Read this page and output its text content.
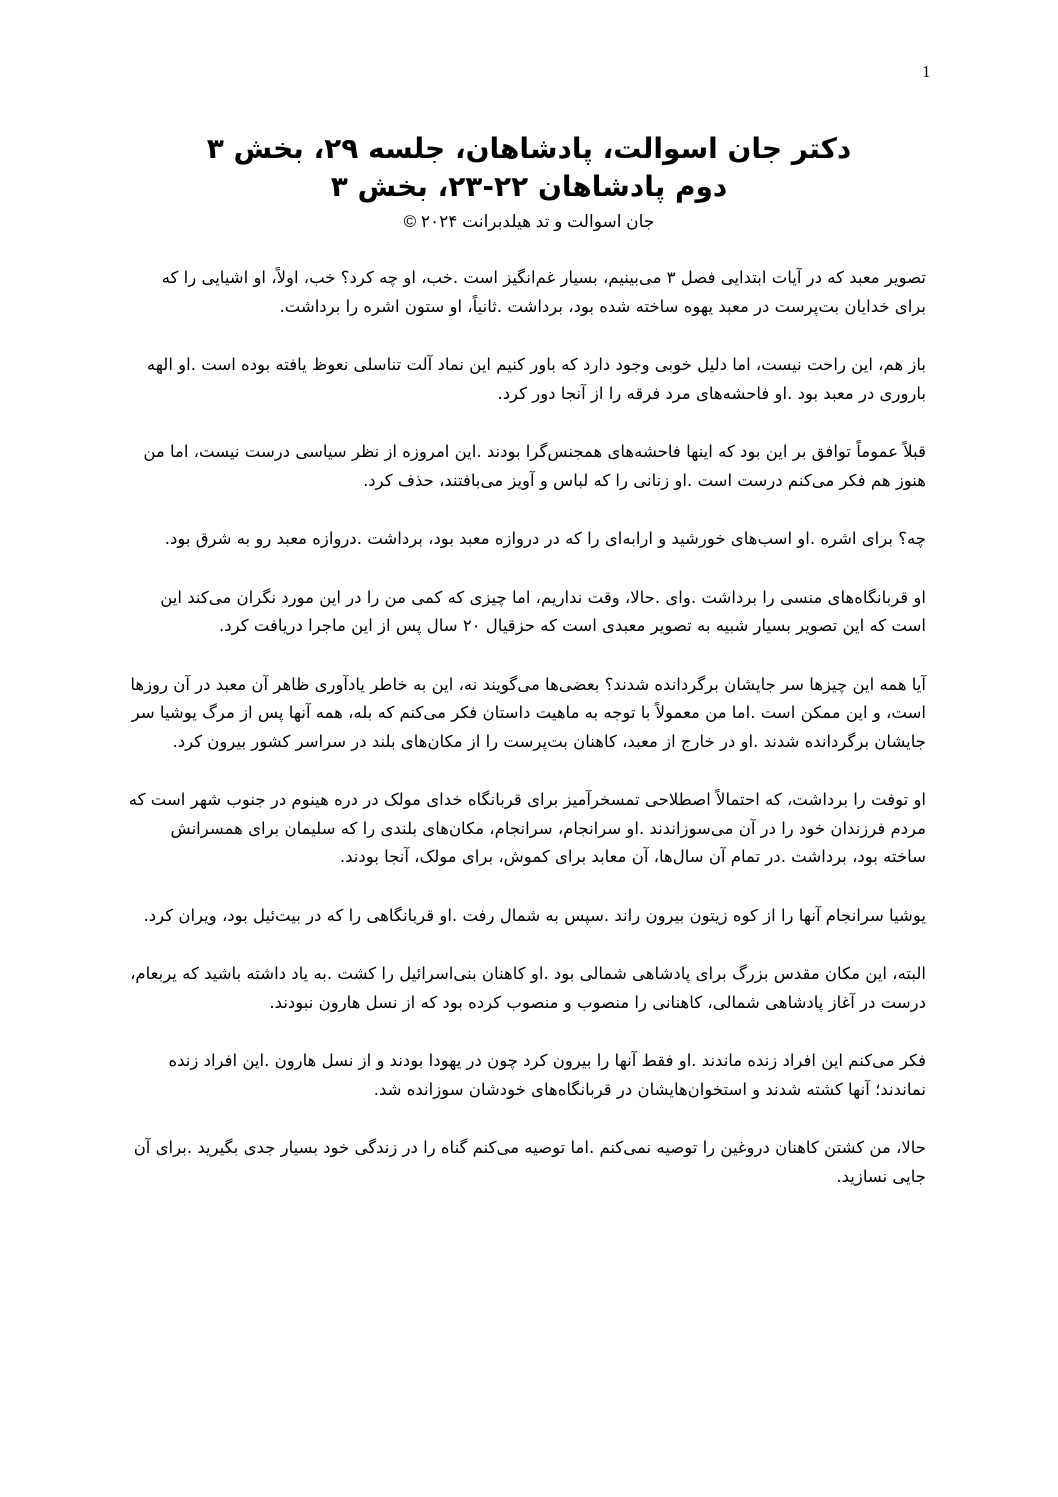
1
دکتر جان اسوالت، پادشاهان، جلسه ۲۹، بخش ۳
دوم پادشاهان ۲۲-۲۳، بخش ۳
جان اسوالت و تد هیلدبرانت ۲۰۲۴ ©

تصویر معبد که در آیات ابتدایی فصل ۳ می‌بینیم، بسیار غم‌انگیز است .خب، او چه کرد؟ خب، اولاً، او اشیایی را که برای خدایان بت‌پرست در معبد یهوه ساخته شده بود، برداشت .ثانیاً، او ستون اشره را برداشت.

باز هم، این راحت نیست، اما دلیل خوبی وجود دارد که باور کنیم این نماد آلت تناسلی نعوظ یافته بوده است .او الهه باروری در معبد بود .او فاحشه‌های مرد فرقه را از آنجا دور کرد.

قبلاً عموماً توافق بر این بود که اینها فاحشه‌های همجنس‌گرا بودند .این امروزه از نظر سیاسی درست نیست، اما من هنوز هم فکر می‌کنم درست است .او زنانی را که لباس و آویز می‌بافتند، حذف کرد.

چه؟ برای اشره .او اسب‌های خورشید و ارابه‌ای را که در دروازه معبد بود، برداشت .دروازه معبد رو به شرق بود.

او قربانگاه‌های منسی را برداشت .وای .حالا، وقت نداریم، اما چیزی که کمی من را در این مورد نگران می‌کند این است که این تصویر بسیار شبیه به تصویر معبدی است که حزقیال ۲۰ سال پس از این ماجرا دریافت کرد.

آیا همه این چیزها سر جایشان برگردانده شدند؟ بعضی‌ها می‌گویند نه، این به خاطر یادآوری ظاهر آن معبد در آن روزها است، و این ممکن است .اما من معمولاً با توجه به ماهیت داستان فکر می‌کنم که بله، همه آنها پس از مرگ یوشیا سر جایشان برگردانده شدند .او در خارج از معبد، کاهنان بت‌پرست را از مکان‌های بلند در سراسر کشور بیرون کرد.

او توفت را برداشت، که احتمالاً اصطلاحی تمسخرآمیز برای قربانگاه خدای مولک در دره هینوم در جنوب شهر است که مردم فرزندان خود را در آن می‌سوزاندند .او سرانجام، سرانجام، مکان‌های بلندی را که سلیمان برای همسرانش ساخته بود، برداشت .در تمام آن سال‌ها، آن معابد برای کموش، برای مولک، آنجا بودند.

یوشیا سرانجام آنها را از کوه زیتون بیرون راند .سپس به شمال رفت .او قربانگاهی را که در بیت‌ئیل بود، ویران کرد.

البته، این مکان مقدس بزرگ برای پادشاهی شمالی بود .او کاهنان بنی‌اسرائیل را کشت .به یاد داشته باشید که یربعام، درست در آغاز پادشاهی شمالی، کاهنانی را منصوب و منصوب کرده بود که از نسل هارون نبودند.

فکر می‌کنم این افراد زنده ماندند .او فقط آنها را بیرون کرد چون در یهودا بودند و از نسل هارون .این افراد زنده نماندند؛ آنها کشته شدند و استخوان‌هایشان در قربانگاه‌های خودشان سوزانده شد.

حالا، من کشتن کاهنان دروغین را توصیه نمی‌کنم .اما توصیه می‌کنم گناه را در زندگی خود بسیار جدی بگیرید .برای آن جایی نسازید.
